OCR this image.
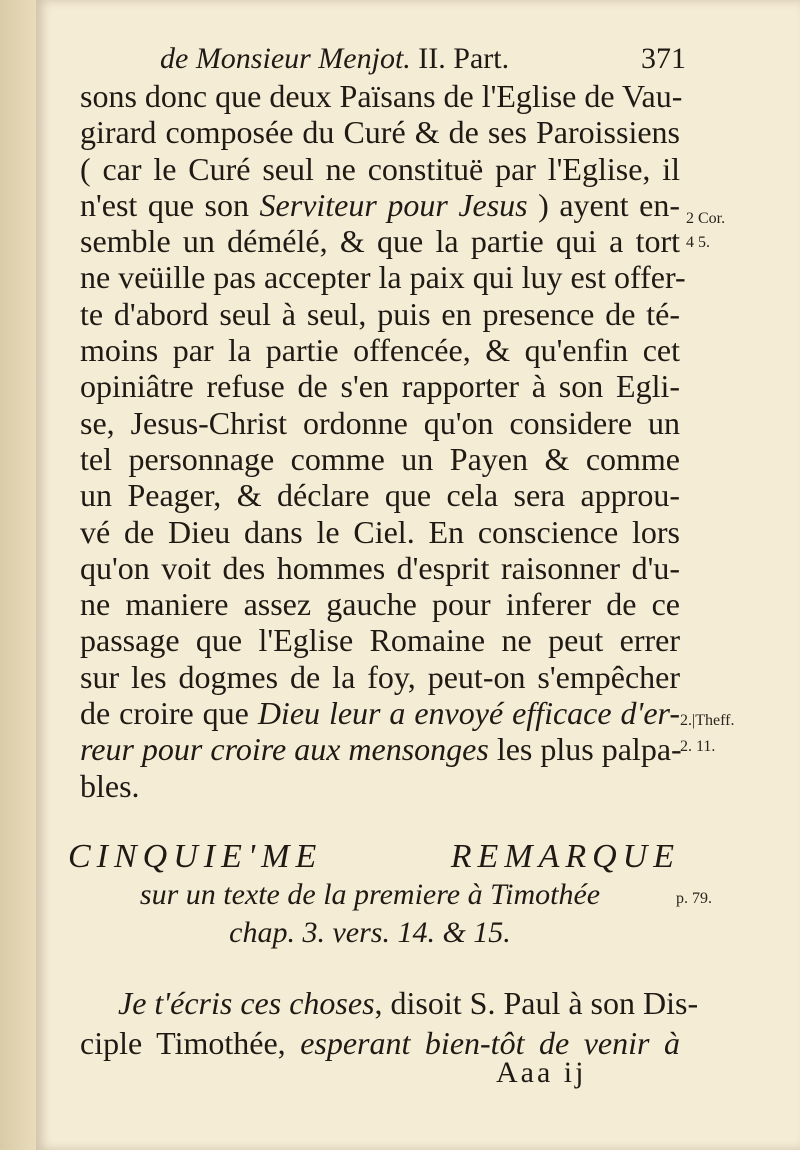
de Monsieur Menjot. II. Part.	371
sons donc que deux Païsans de l'Eglise de Vau-
girard composée du Curé & de ses Paroissiens
( car le Curé seul ne constituë par l'Eglise, il
n'est que son Serviteur pour Jesus ) ayent en-
semble un démélé, & que la partie qui a tort
ne veüille pas accepter la paix qui luy est offer-
te d'abord seul à seul, puis en presence de té-
moins par la partie offencée, & qu'enfin cet
opiniâtre refuse de s'en rapporter à son Egli-
se, Jesus-Christ ordonne qu'on considere un
tel personnage comme un Payen & comme
un Peager, & déclare que cela sera approu-
vé de Dieu dans le Ciel. En conscience lors
qu'on voit des hommes d'esprit raisonner d'u-
ne maniere assez gauche pour inferer de ce
passage que l'Eglise Romaine ne peut errer
sur les dogmes de la foy, peut-on s'empêcher
de croire que Dieu leur a envoyé efficace d'er-
reur pour croire aux mensonges les plus palpa-
bles.
2 Cor.
4 5.
2.|Theff.
2. 11.
p. 79.
CINQUIE'ME	REMARQUE
sur un texte de la premiere à Timothée
chap. 3. vers. 14. & 15.
Je t'écris ces choses, disoit S. Paul à son Dis-
ciple Timothée, esperant bien-tôt de venir à
Aaa ij
